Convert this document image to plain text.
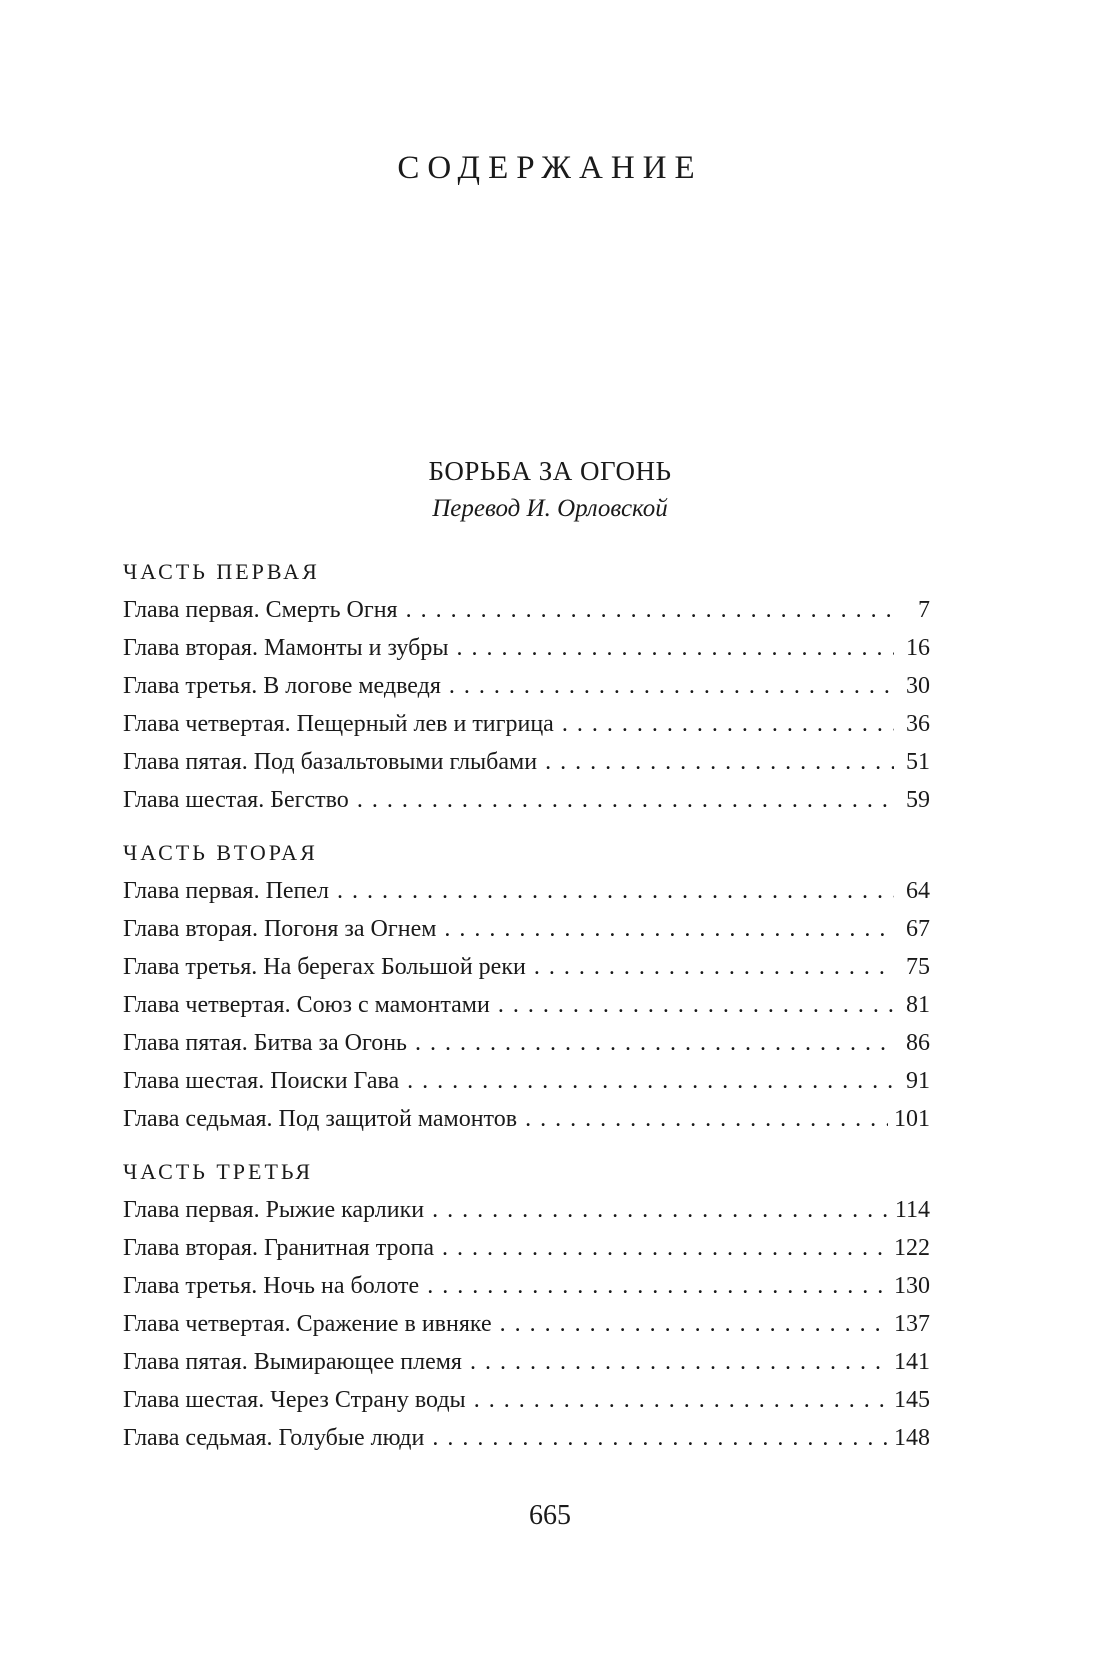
СОДЕРЖАНИЕ
БОРЬБА ЗА ОГОНЬ
Перевод И. Орловской
ЧАСТЬ ПЕРВАЯ
Глава первая. Смерть Огня . . .	7
Глава вторая. Мамонты и зубры . . .	16
Глава третья. В логове медведя . . .	30
Глава четвертая. Пещерный лев и тигрица . . .	36
Глава пятая. Под базальтовыми глыбами . . .	51
Глава шестая. Бегство . . .	59
ЧАСТЬ ВТОРАЯ
Глава первая. Пепел . . .	64
Глава вторая. Погоня за Огнем . . .	67
Глава третья. На берегах Большой реки . . .	75
Глава четвертая. Союз с мамонтами . . .	81
Глава пятая. Битва за Огонь . . .	86
Глава шестая. Поиски Гава . . .	91
Глава седьмая. Под защитой мамонтов . . .	101
ЧАСТЬ ТРЕТЬЯ
Глава первая. Рыжие карлики . . .	114
Глава вторая. Гранитная тропа . . .	122
Глава третья. Ночь на болоте . . .	130
Глава четвертая. Сражение в ивняке . . .	137
Глава пятая. Вымирающее племя . . .	141
Глава шестая. Через Страну воды . . .	145
Глава седьмая. Голубые люди . . .	148
665
